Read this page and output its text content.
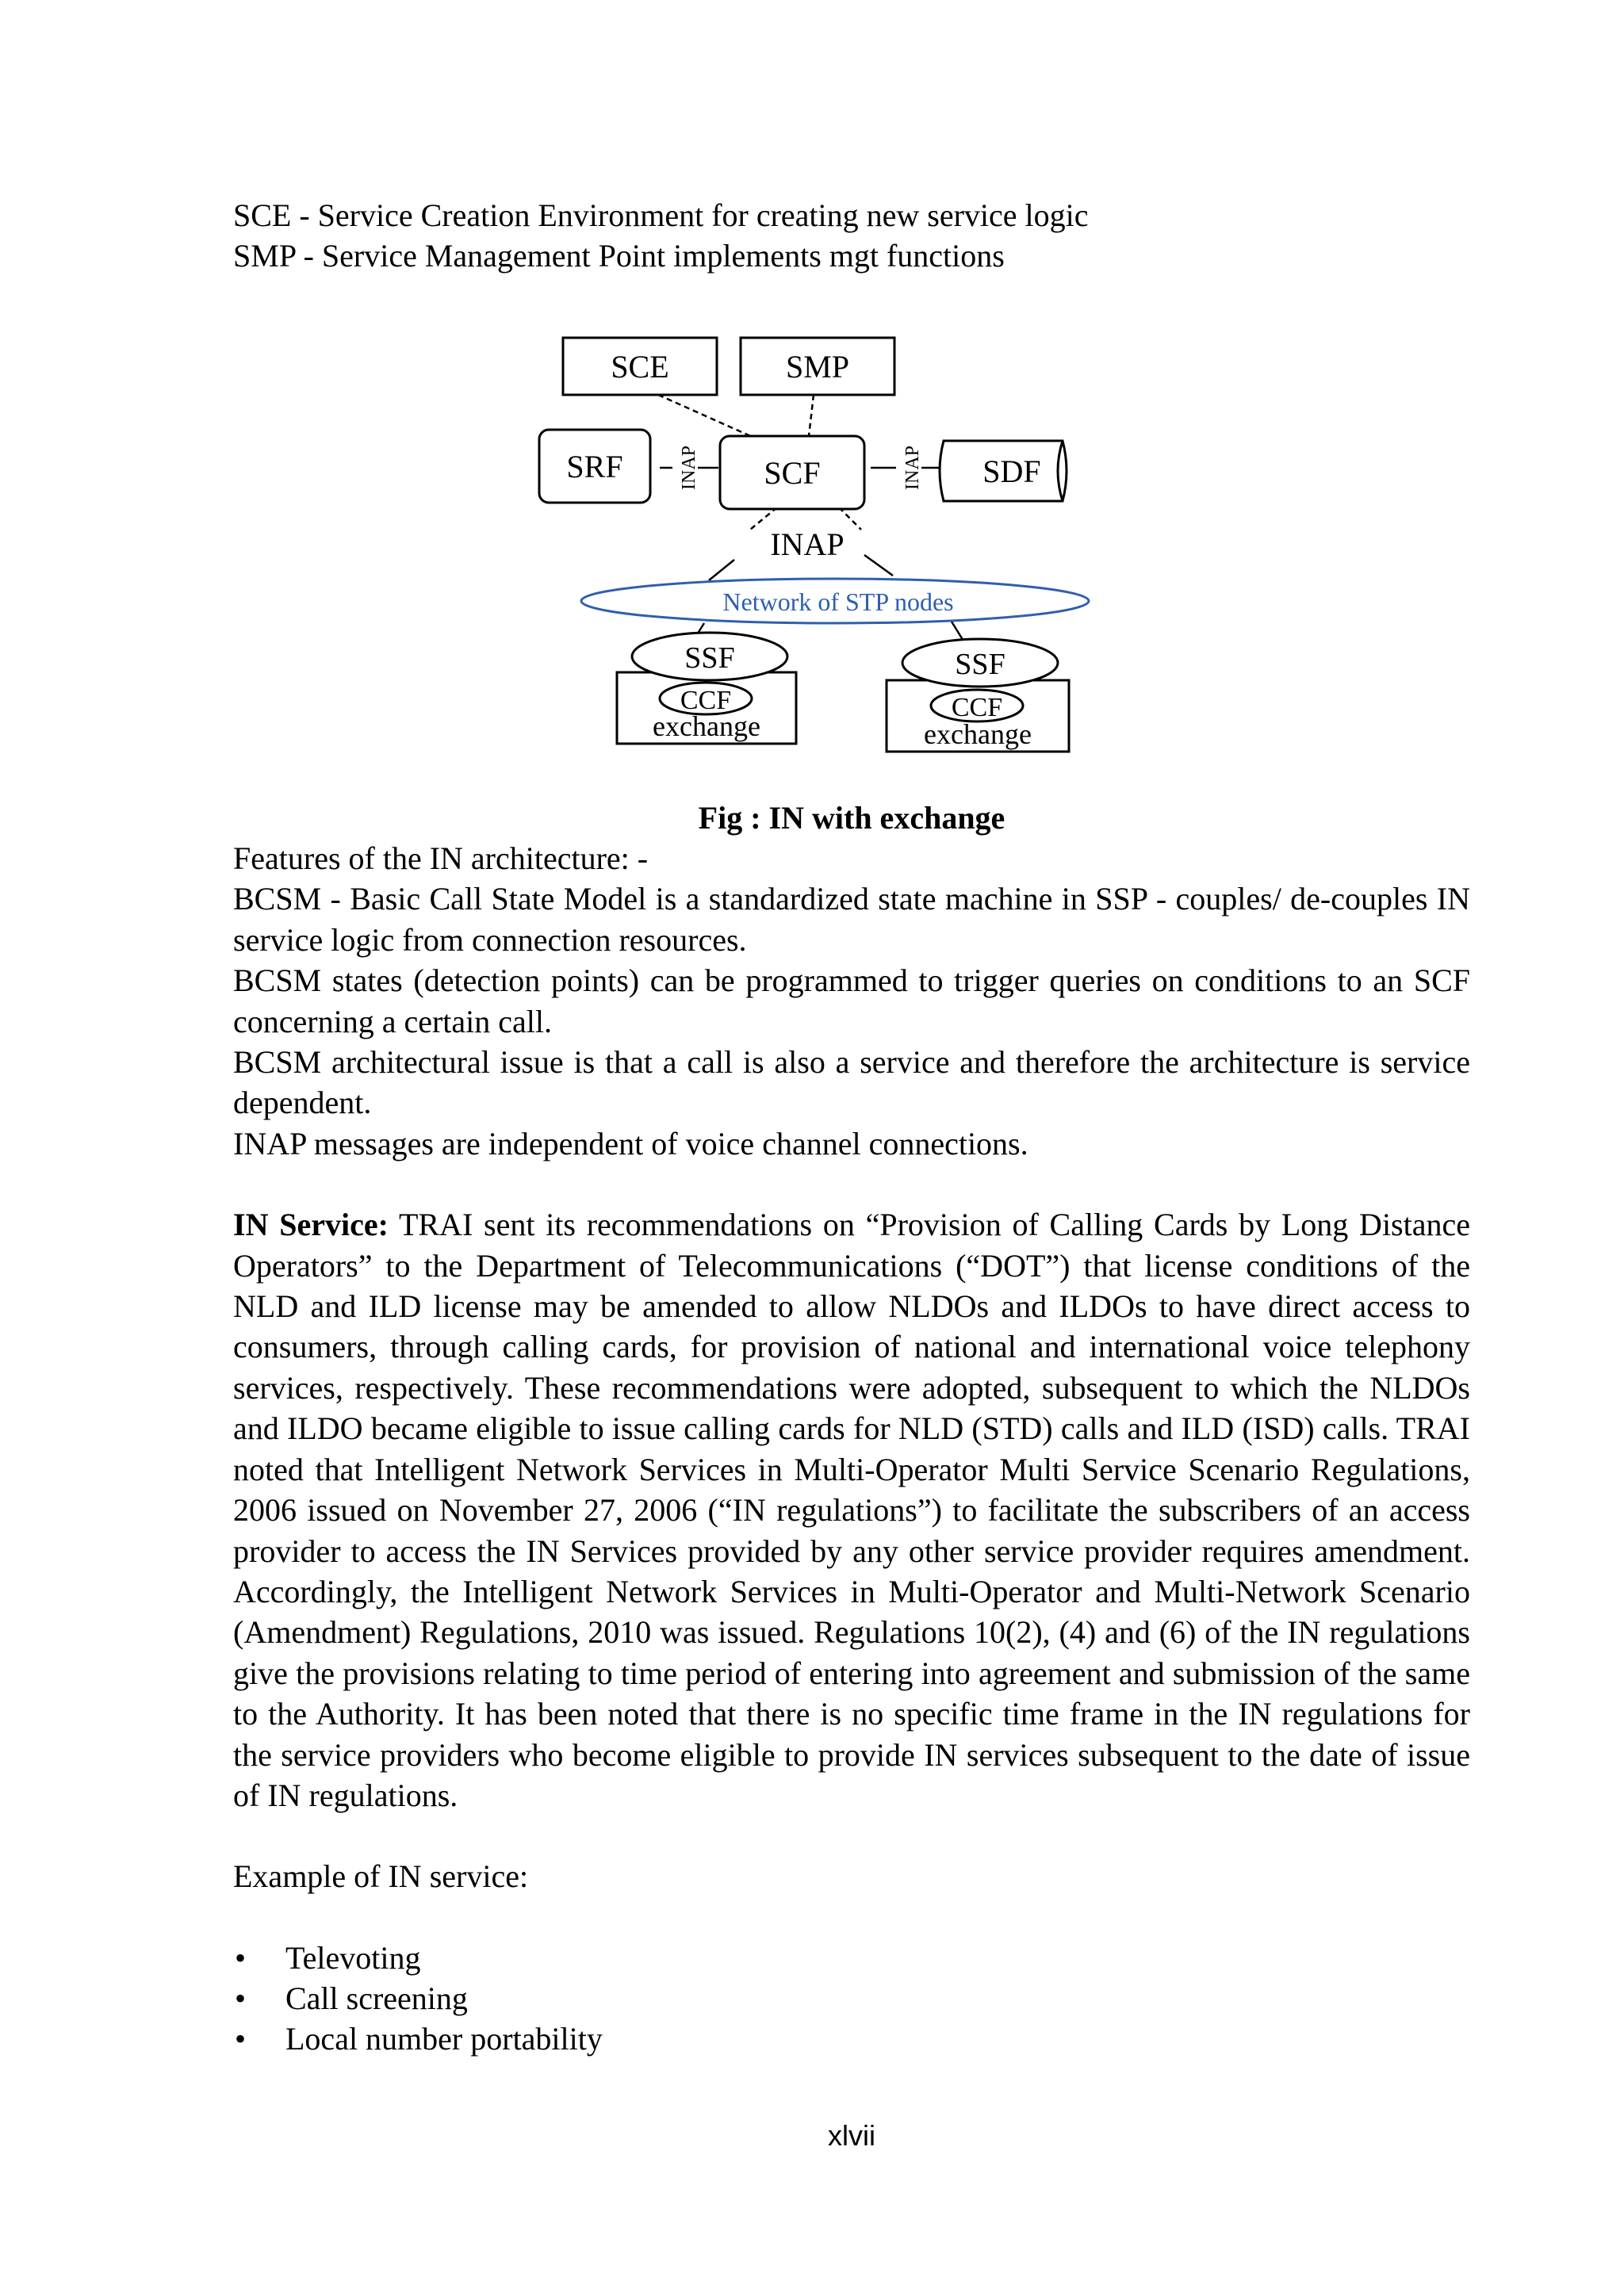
SCE - Service Creation Environment for creating new service logic

SMP - Service Management Point implements mgt functions

SCE	SMP
SRF	INAP SCF	INAP SDF
INAP
Network of STP nodes
SSF
CCF
exchange
SSF
CCF
exchange
Fig : IN with exchange

Features of the IN architecture: -

BCSM - Basic Call State Model is a standardized state machine in SSP - couples/ de-couples IN service logic from connection resources.

BCSM states (detection points) can be programmed to trigger queries on conditions to an SCF concerning a certain call.

BCSM architectural issue is that a call is also a service and therefore the architecture is service dependent.

INAP messages are independent of voice channel connections.

IN Service: TRAI sent its recommendations on “Provision of Calling Cards by Long Distance Operators” to the Department of Telecommunications (“DOT”) that license conditions of the NLD and ILD license may be amended to allow NLDOs and ILDOs to have direct access to consumers, through calling cards, for provision of national and international voice telephony services, respectively. These recommendations were adopted, subsequent to which the NLDOs and ILDO became eligible to issue calling cards for NLD (STD) calls and ILD (ISD) calls. TRAI noted that Intelligent Network Services in Multi-Operator Multi Service Scenario Regulations, 2006 issued on November 27, 2006 (“IN regulations”) to facilitate the subscribers of an access provider to access the IN Services provided by any other service provider requires amendment. Accordingly, the Intelligent Network Services in Multi-Operator and Multi-Network Scenario (Amendment) Regulations, 2010 was issued. Regulations 10(2), (4) and (6) of the IN regulations give the provisions relating to time period of entering into agreement and submission of the same to the Authority. It has been noted that there is no specific time frame in the IN regulations for the service providers who become eligible to provide IN services subsequent to the date of issue of IN regulations.

Example of IN service:

• Televoting
• Call screening
• Local number portability
xlvii
